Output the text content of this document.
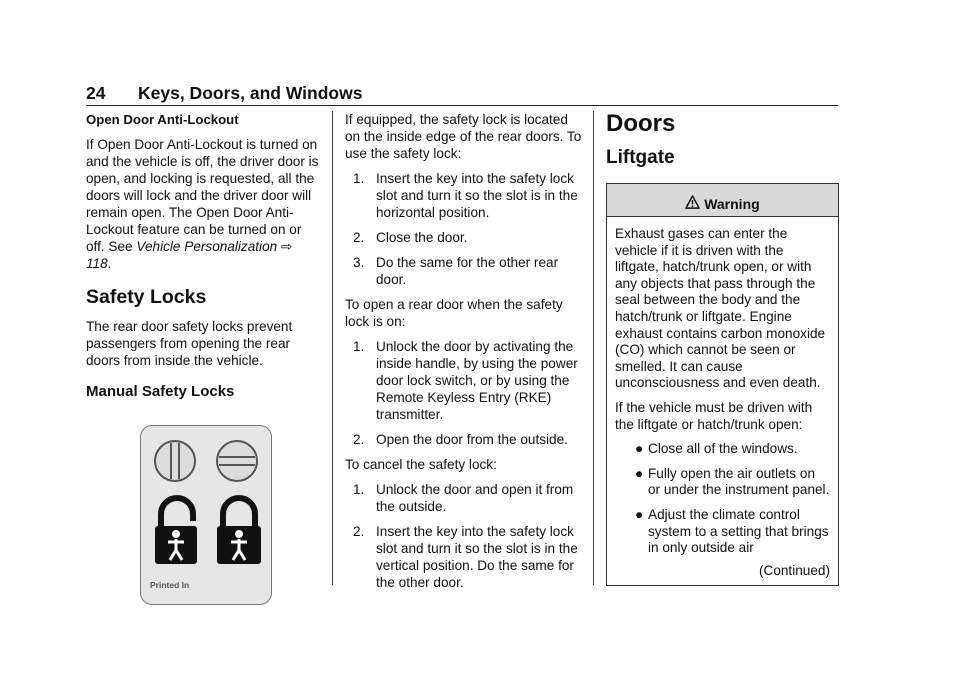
24 Keys, Doors, and Windows
Open Door Anti-Lockout

If Open Door Anti-Lockout is turned on and the vehicle is off, the driver door is open, and locking is requested, all the doors will lock and the driver door will remain open. The Open Door Anti-Lockout feature can be turned on or off. See Vehicle Personalization ⇨ 118.

Safety Locks

The rear door safety locks prevent passengers from opening the rear doors from inside the vehicle.

Manual Safety Locks
Printed In

If equipped, the safety lock is located on the inside edge of the rear doors. To use the safety lock:

1. Insert the key into the safety lock slot and turn it so the slot is in the horizontal position.
2. Close the door.
3. Do the same for the other rear door.

To open a rear door when the safety lock is on:

1. Unlock the door by activating the inside handle, by using the power door lock switch, or by using the Remote Keyless Entry (RKE) transmitter.
2. Open the door from the outside.

To cancel the safety lock:

1. Unlock the door and open it from the outside.
2. Insert the key into the safety lock slot and turn it so the slot is in the vertical position. Do the same for the other door.
Doors
Liftgate
Warning

Exhaust gases can enter the vehicle if it is driven with the liftgate, hatch/trunk open, or with any objects that pass through the seal between the body and the hatch/trunk or liftgate. Engine exhaust contains carbon monoxide (CO) which cannot be seen or smelled. It can cause unconsciousness and even death.

If the vehicle must be driven with the liftgate or hatch/trunk open:

● Close all of the windows.
● Fully open the air outlets on or under the instrument panel.
● Adjust the climate control system to a setting that brings in only outside air
(Continued)
